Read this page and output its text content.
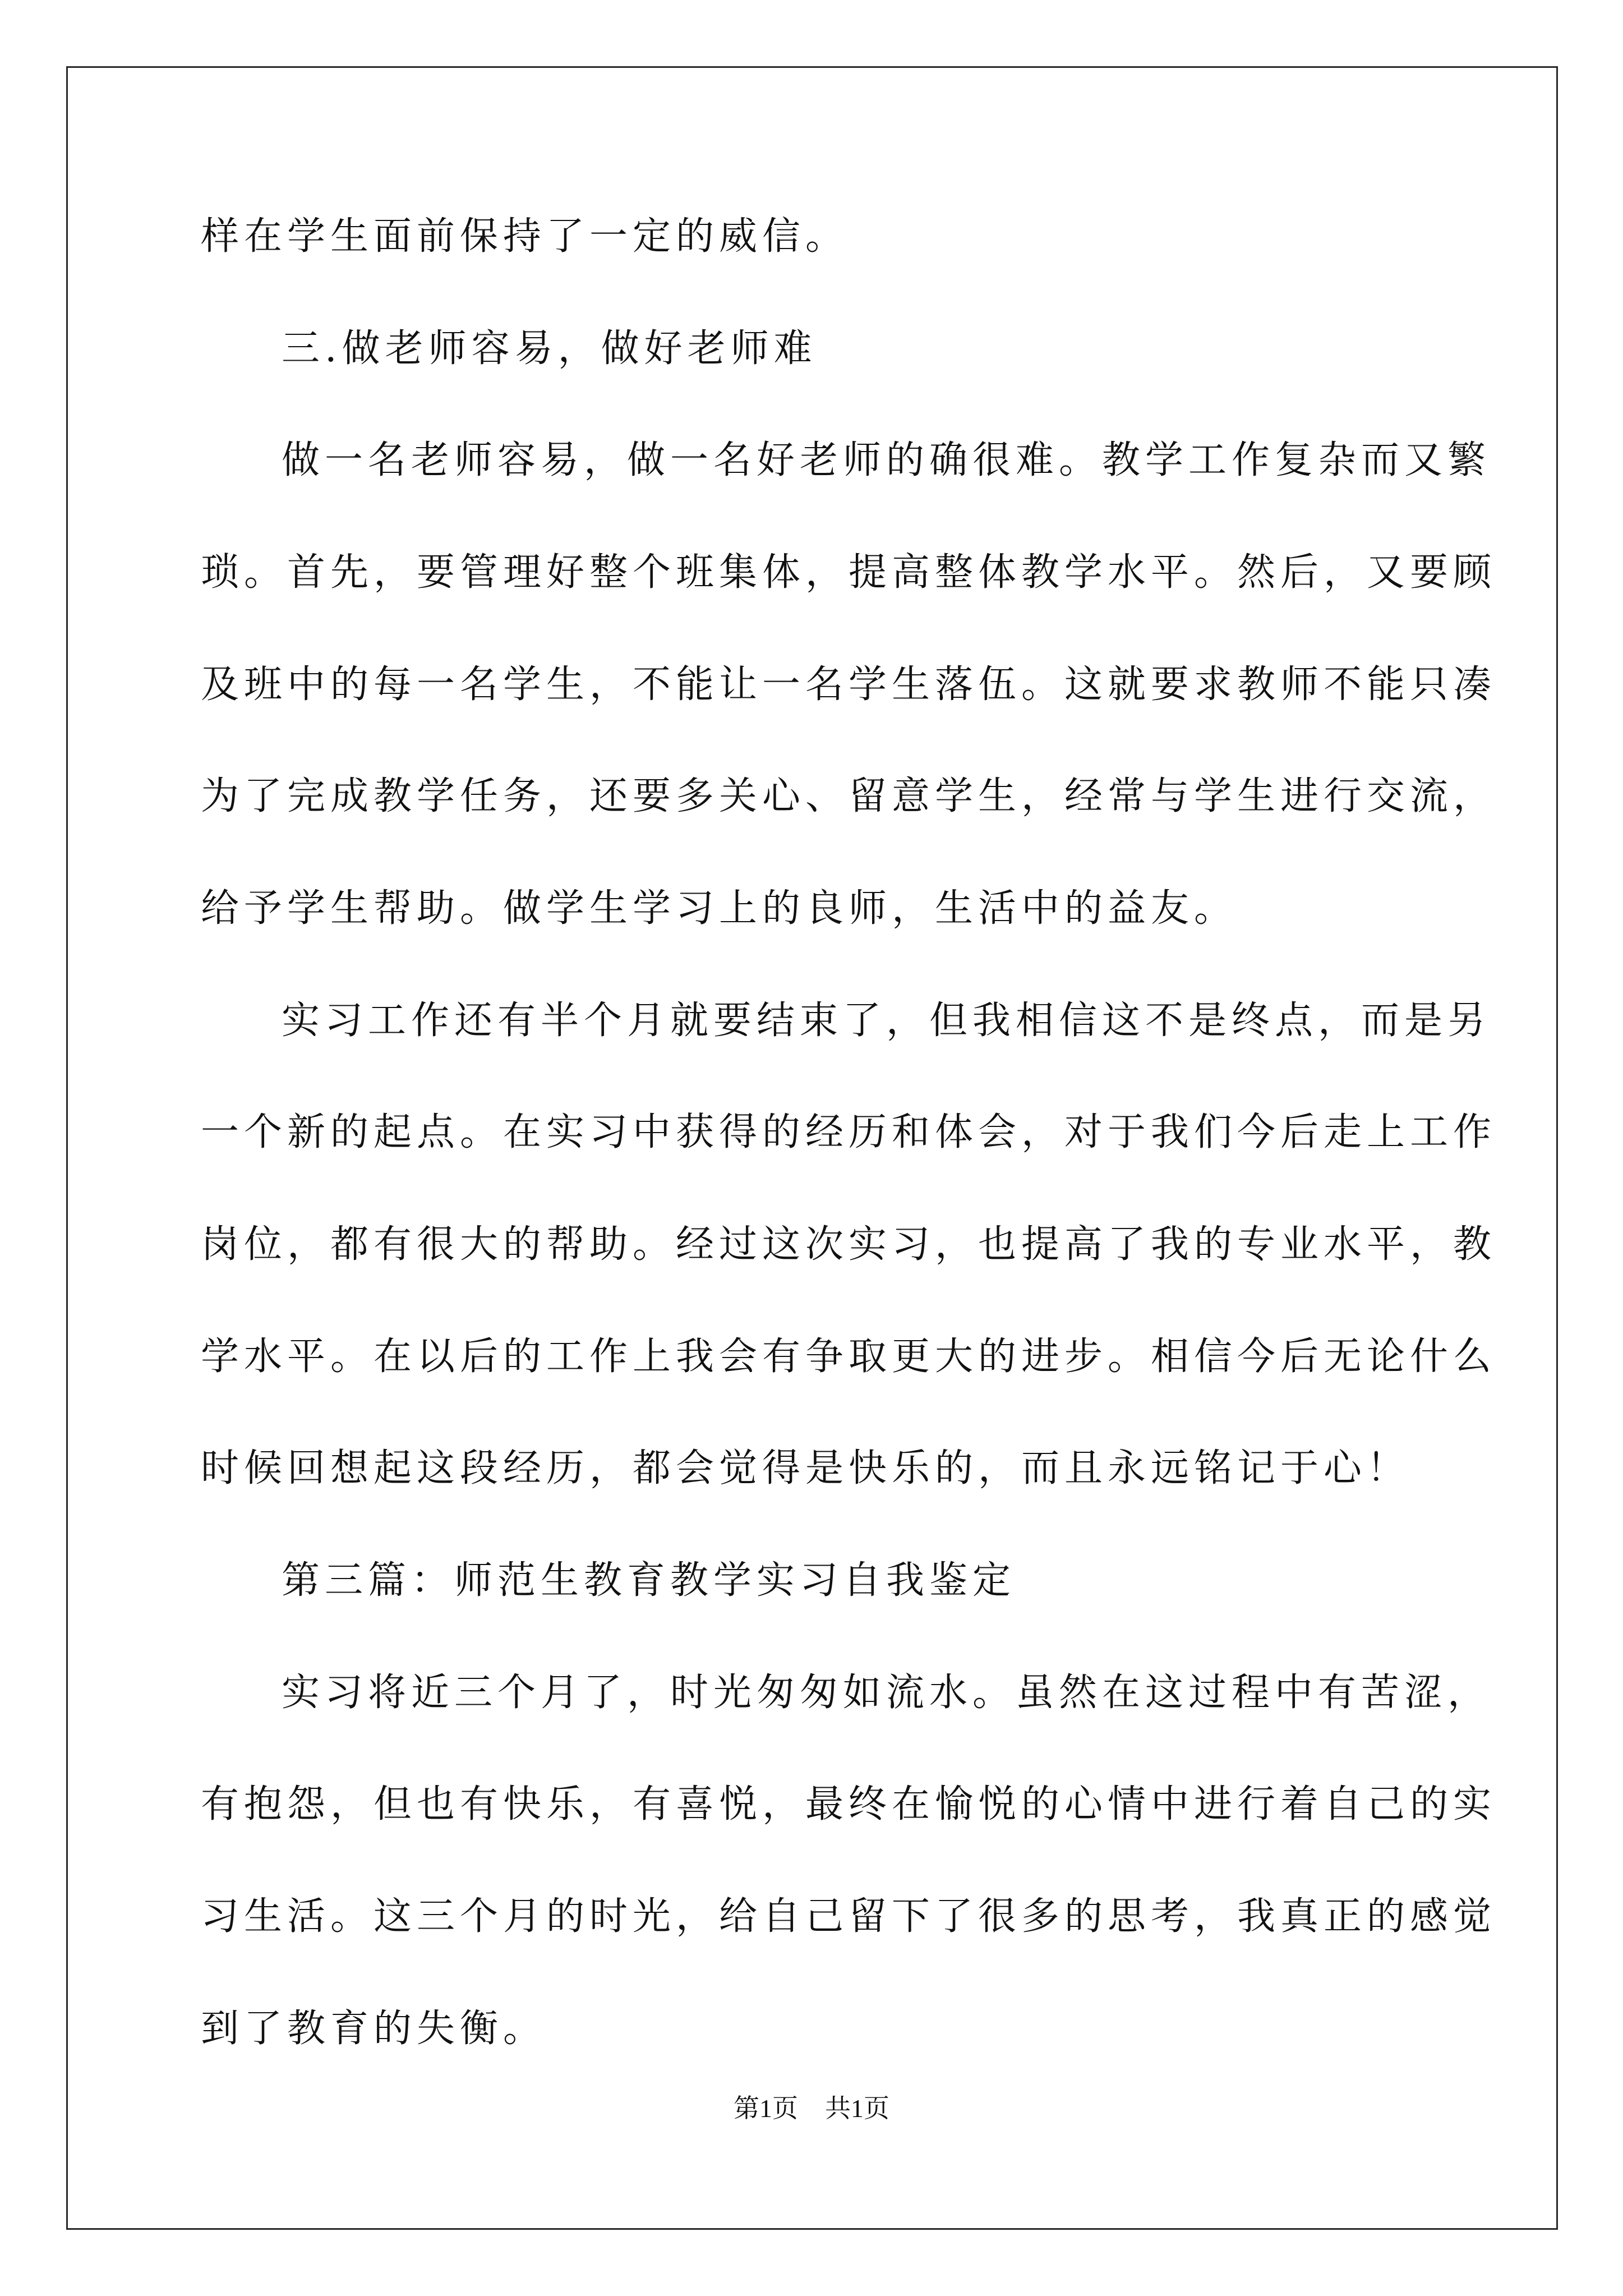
样在学生面前保持了一定的威信。
三.做老师容易，做好老师难
做一名老师容易，做一名好老师的确很难。教学工作复杂而又繁
琐。首先，要管理好整个班集体，提高整体教学水平。然后，又要顾
及班中的每一名学生，不能让一名学生落伍。这就要求教师不能只凑
为了完成教学任务，还要多关心、留意学生，经常与学生进行交流，
给予学生帮助。做学生学习上的良师，生活中的益友。
实习工作还有半个月就要结束了，但我相信这不是终点，而是另
一个新的起点。在实习中获得的经历和体会，对于我们今后走上工作
岗位，都有很大的帮助。经过这次实习，也提高了我的专业水平，教
学水平。在以后的工作上我会有争取更大的进步。相信今后无论什么
时候回想起这段经历，都会觉得是快乐的，而且永远铭记于心！
第三篇：师范生教育教学实习自我鉴定
实习将近三个月了，时光匆匆如流水。虽然在这过程中有苦涩，
有抱怨，但也有快乐，有喜悦，最终在愉悦的心情中进行着自己的实
习生活。这三个月的时光，给自己留下了很多的思考，我真正的感觉
到了教育的失衡。
第1页 共1页
